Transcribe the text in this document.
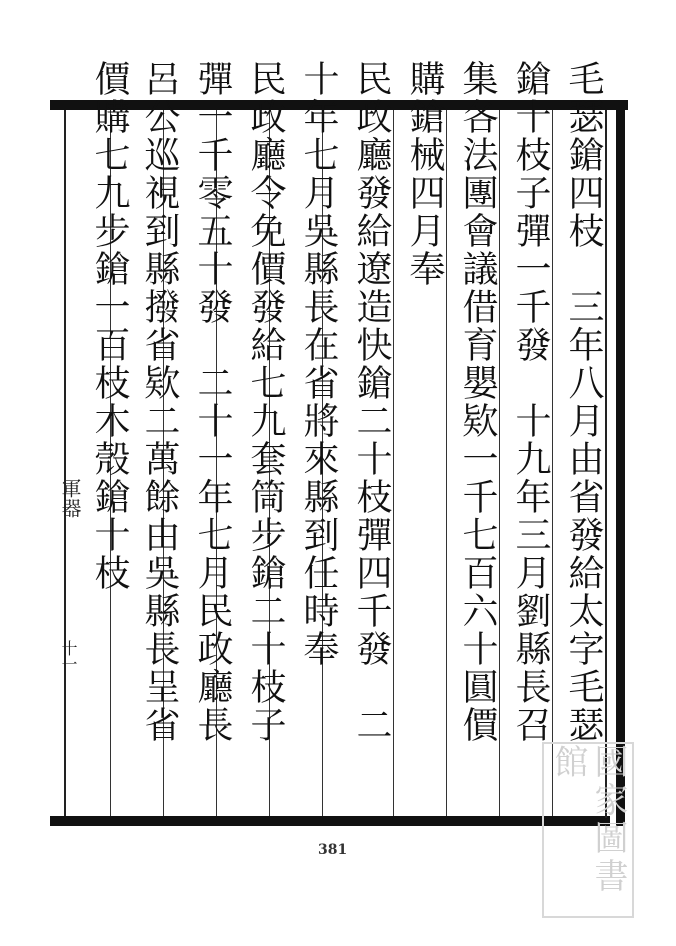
軍器
十一	毛瑟鎗四枝　三年八月由省發給太字毛瑟
鎗十枝子彈一千發　十九年三月劉縣長召
集各法團會議借育嬰欵一千七百六十圓價
購鎗械四月奉
民政廳發給遼造快鎗二十枝彈四千發　二
十年七月吳縣長在省將來縣到任時奉
民政廳令免價發給七九套筒步鎗二十枝子
彈一千零五十發　二十一年七月民政廳長
呂公巡視到縣撥省欵二萬餘由吳縣長呈省
價購七九步鎗一百枝木殼鎗十枝
381	國家圖書館
